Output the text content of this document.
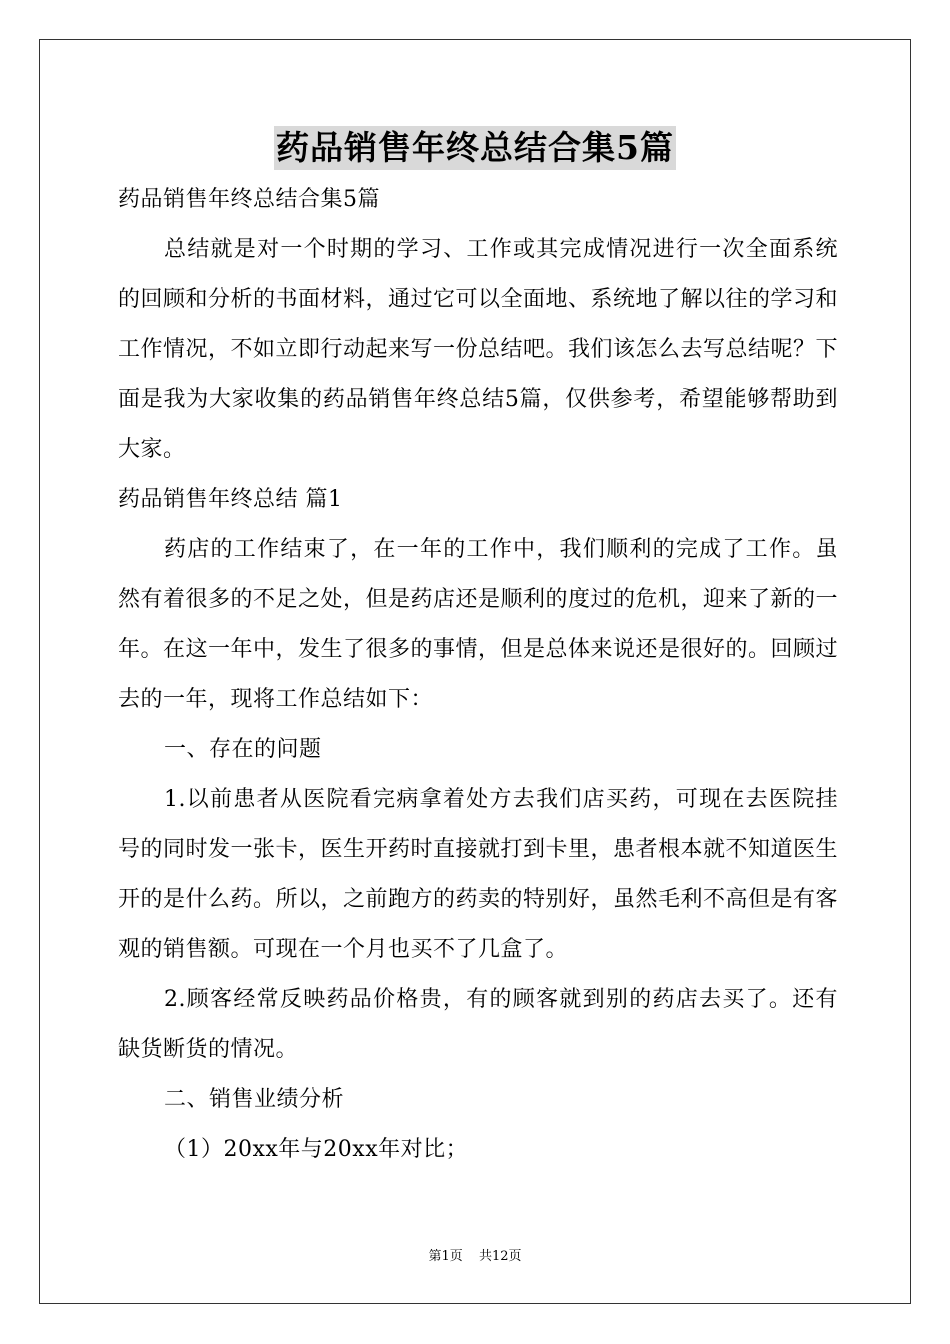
药品销售年终总结合集5篇

药品销售年终总结合集5篇

总结就是对一个时期的学习、工作或其完成情况进行一次全面系统的回顾和分析的书面材料，通过它可以全面地、系统地了解以往的学习和工作情况，不如立即行动起来写一份总结吧。我们该怎么去写总结呢？下面是我为大家收集的药品销售年终总结5篇，仅供参考，希望能够帮助到大家。

药品销售年终总结 篇1

药店的工作结束了，在一年的工作中，我们顺利的完成了工作。虽然有着很多的不足之处，但是药店还是顺利的度过的危机，迎来了新的一年。在这一年中，发生了很多的事情，但是总体来说还是很好的。回顾过去的一年，现将工作总结如下：

一、存在的问题

1.以前患者从医院看完病拿着处方去我们店买药，可现在去医院挂号的同时发一张卡，医生开药时直接就打到卡里，患者根本就不知道医生开的是什么药。所以，之前跑方的药卖的特别好，虽然毛利不高但是有客观的销售额。可现在一个月也买不了几盒了。

2.顾客经常反映药品价格贵，有的顾客就到别的药店去买了。还有缺货断货的情况。

二、销售业绩分析

（1）20xx年与20xx年对比；

第1页 共12页
